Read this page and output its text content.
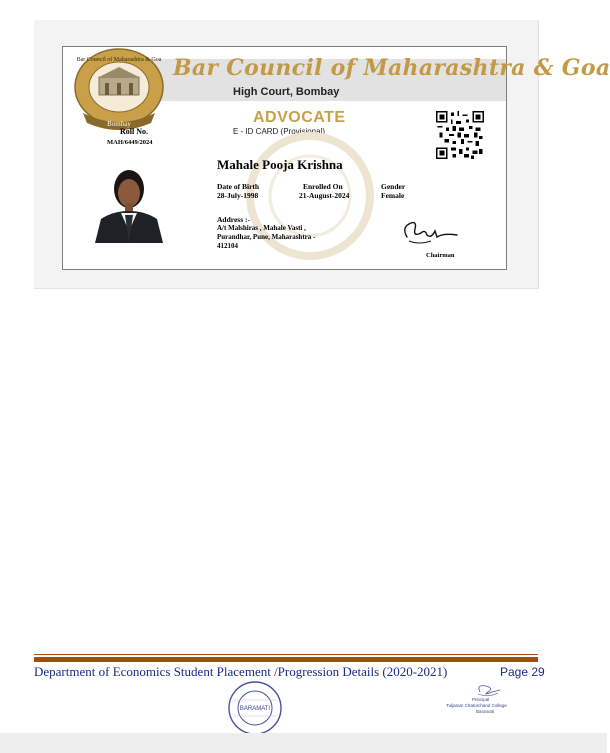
Bar Council of Maharashtra & Goa
High Court, Bombay
Bombay
Bar Council of Maharashtra & Goa
Roll No.
MAH/6449/2024
ADVOCATE
E - ID CARD (Provisional)
Mahale Pooja Krishna
Date of Birth
28-July-1998
Enrolled On
21-August-2024
Gender
Female
Address :-
A/t Malshiras , Mahale Vasti ,
Purandhar, Pune, Maharashtra -
412104
Chairman
Department of Economics Student Placement /Progression Details (2020-2021)	Page 29
BARAMATI
Principal
Tuljaram Chaturchand College
Baramati
